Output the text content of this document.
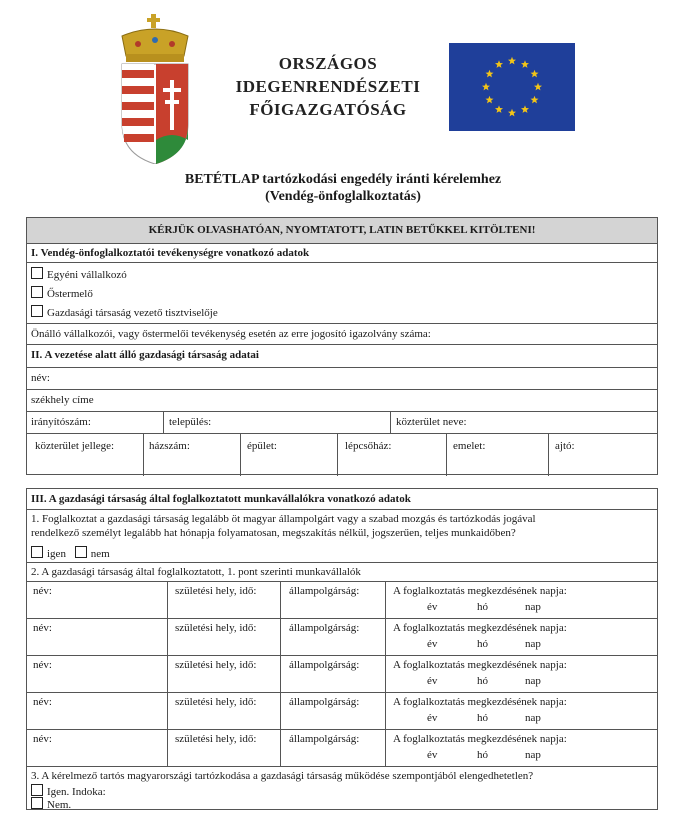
ORSZÁGOS
IDEGENRENDÉSZETI
FŐIGAZGATÓSÁG
BETÉTLAP tartózkodási engedély iránti kérelemhez
(Vendég-önfoglalkoztatás)
KÉRJÜK OLVASHATÓAN, NYOMTATOTT, LATIN BETŰKKEL KITÖLTENI!
I. Vendég-önfoglalkoztatói tevékenységre vonatkozó adatok
Egyéni vállalkozó
Őstermelő
Gazdasági társaság vezető tisztviselője
Önálló vállalkozói, vagy őstermelői tevékenység esetén az erre jogosító igazolvány száma:
II. A vezetése alatt álló gazdasági társaság adatai
név:
székhely címe
irányítószám:	település:	közterület neve:
közterület jellege:	házszám:	épület:	lépcsőház:	emelet:	ajtó:
III. A gazdasági társaság által foglalkoztatott munkavállalókra vonatkozó adatok
1. Foglalkoztat a gazdasági társaság legalább öt magyar állampolgárt vagy a szabad mozgás és tartózkodás jogával
rendelkező személyt legalább hat hónapja folyamatosan, megszakítás nélkül, jogszerűen, teljes munkaidőben?
igen nem
2. A gazdasági társaság által foglalkoztatott, 1. pont szerinti munkavállalók
név:	születési hely, idő:	állampolgárság:	A foglalkoztatás megkezdésének napja:
év	hó	nap
név:	születési hely, idő:	állampolgárság:	A foglalkoztatás megkezdésének napja:
év	hó	nap
név:	születési hely, idő:	állampolgárság:	A foglalkoztatás megkezdésének napja:
év	hó	nap
név:	születési hely, idő:	állampolgárság:	A foglalkoztatás megkezdésének napja:
év	hó	nap
név:	születési hely, idő:	állampolgárság:	A foglalkoztatás megkezdésének napja:
év	hó	nap
3. A kérelmező tartós magyarországi tartózkodása a gazdasági társaság működése szempontjából elengedhetetlen?
Igen. Indoka:
Nem.
